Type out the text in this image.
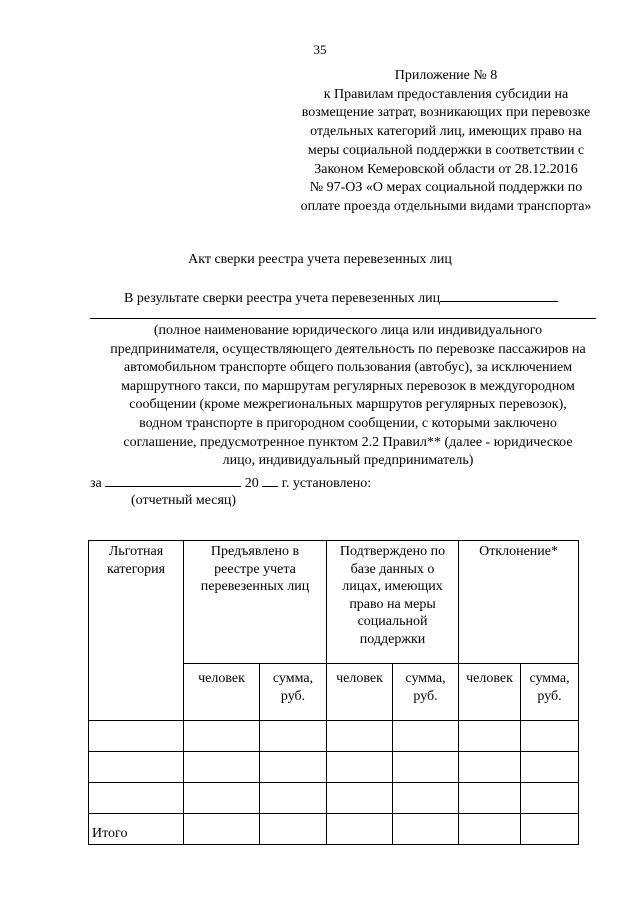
35
Приложение № 8
к Правилам предоставления субсидии на
возмещение затрат, возникающих при перевозке
отдельных категорий лиц, имеющих право на
меры социальной поддержки в соответствии с
Законом Кемеровской области от 28.12.2016
№ 97-ОЗ «О мерах социальной поддержки по
оплате проезда отдельными видами транспорта»
Акт сверки реестра учета перевезенных лиц
В результате сверки реестра учета перевезенных лиц
(полное наименование юридического лица или индивидуального
предпринимателя, осуществляющего деятельность по перевозке пассажиров на
автомобильном транспорте общего пользования (автобус), за исключением
маршрутного такси, по маршрутам регулярных перевозок в междугородном
сообщении (кроме межрегиональных маршрутов регулярных перевозок),
водном транспорте в пригородном сообщении, с которыми заключено
соглашение, предусмотренное пунктом 2.2 Правил** (далее - юридическое
лицо, индивидуальный предприниматель)
за	20 г. установлено:
(отчетный месяц)
Льготная категория	Предъявлено в реестре учета перевезенных лиц		Подтверждено по базе данных о лицах, имеющих право на меры социальной поддержки		Отклонение*	
	человек	сумма, руб.	человек	сумма, руб.	человек	сумма, руб.

Итого						
